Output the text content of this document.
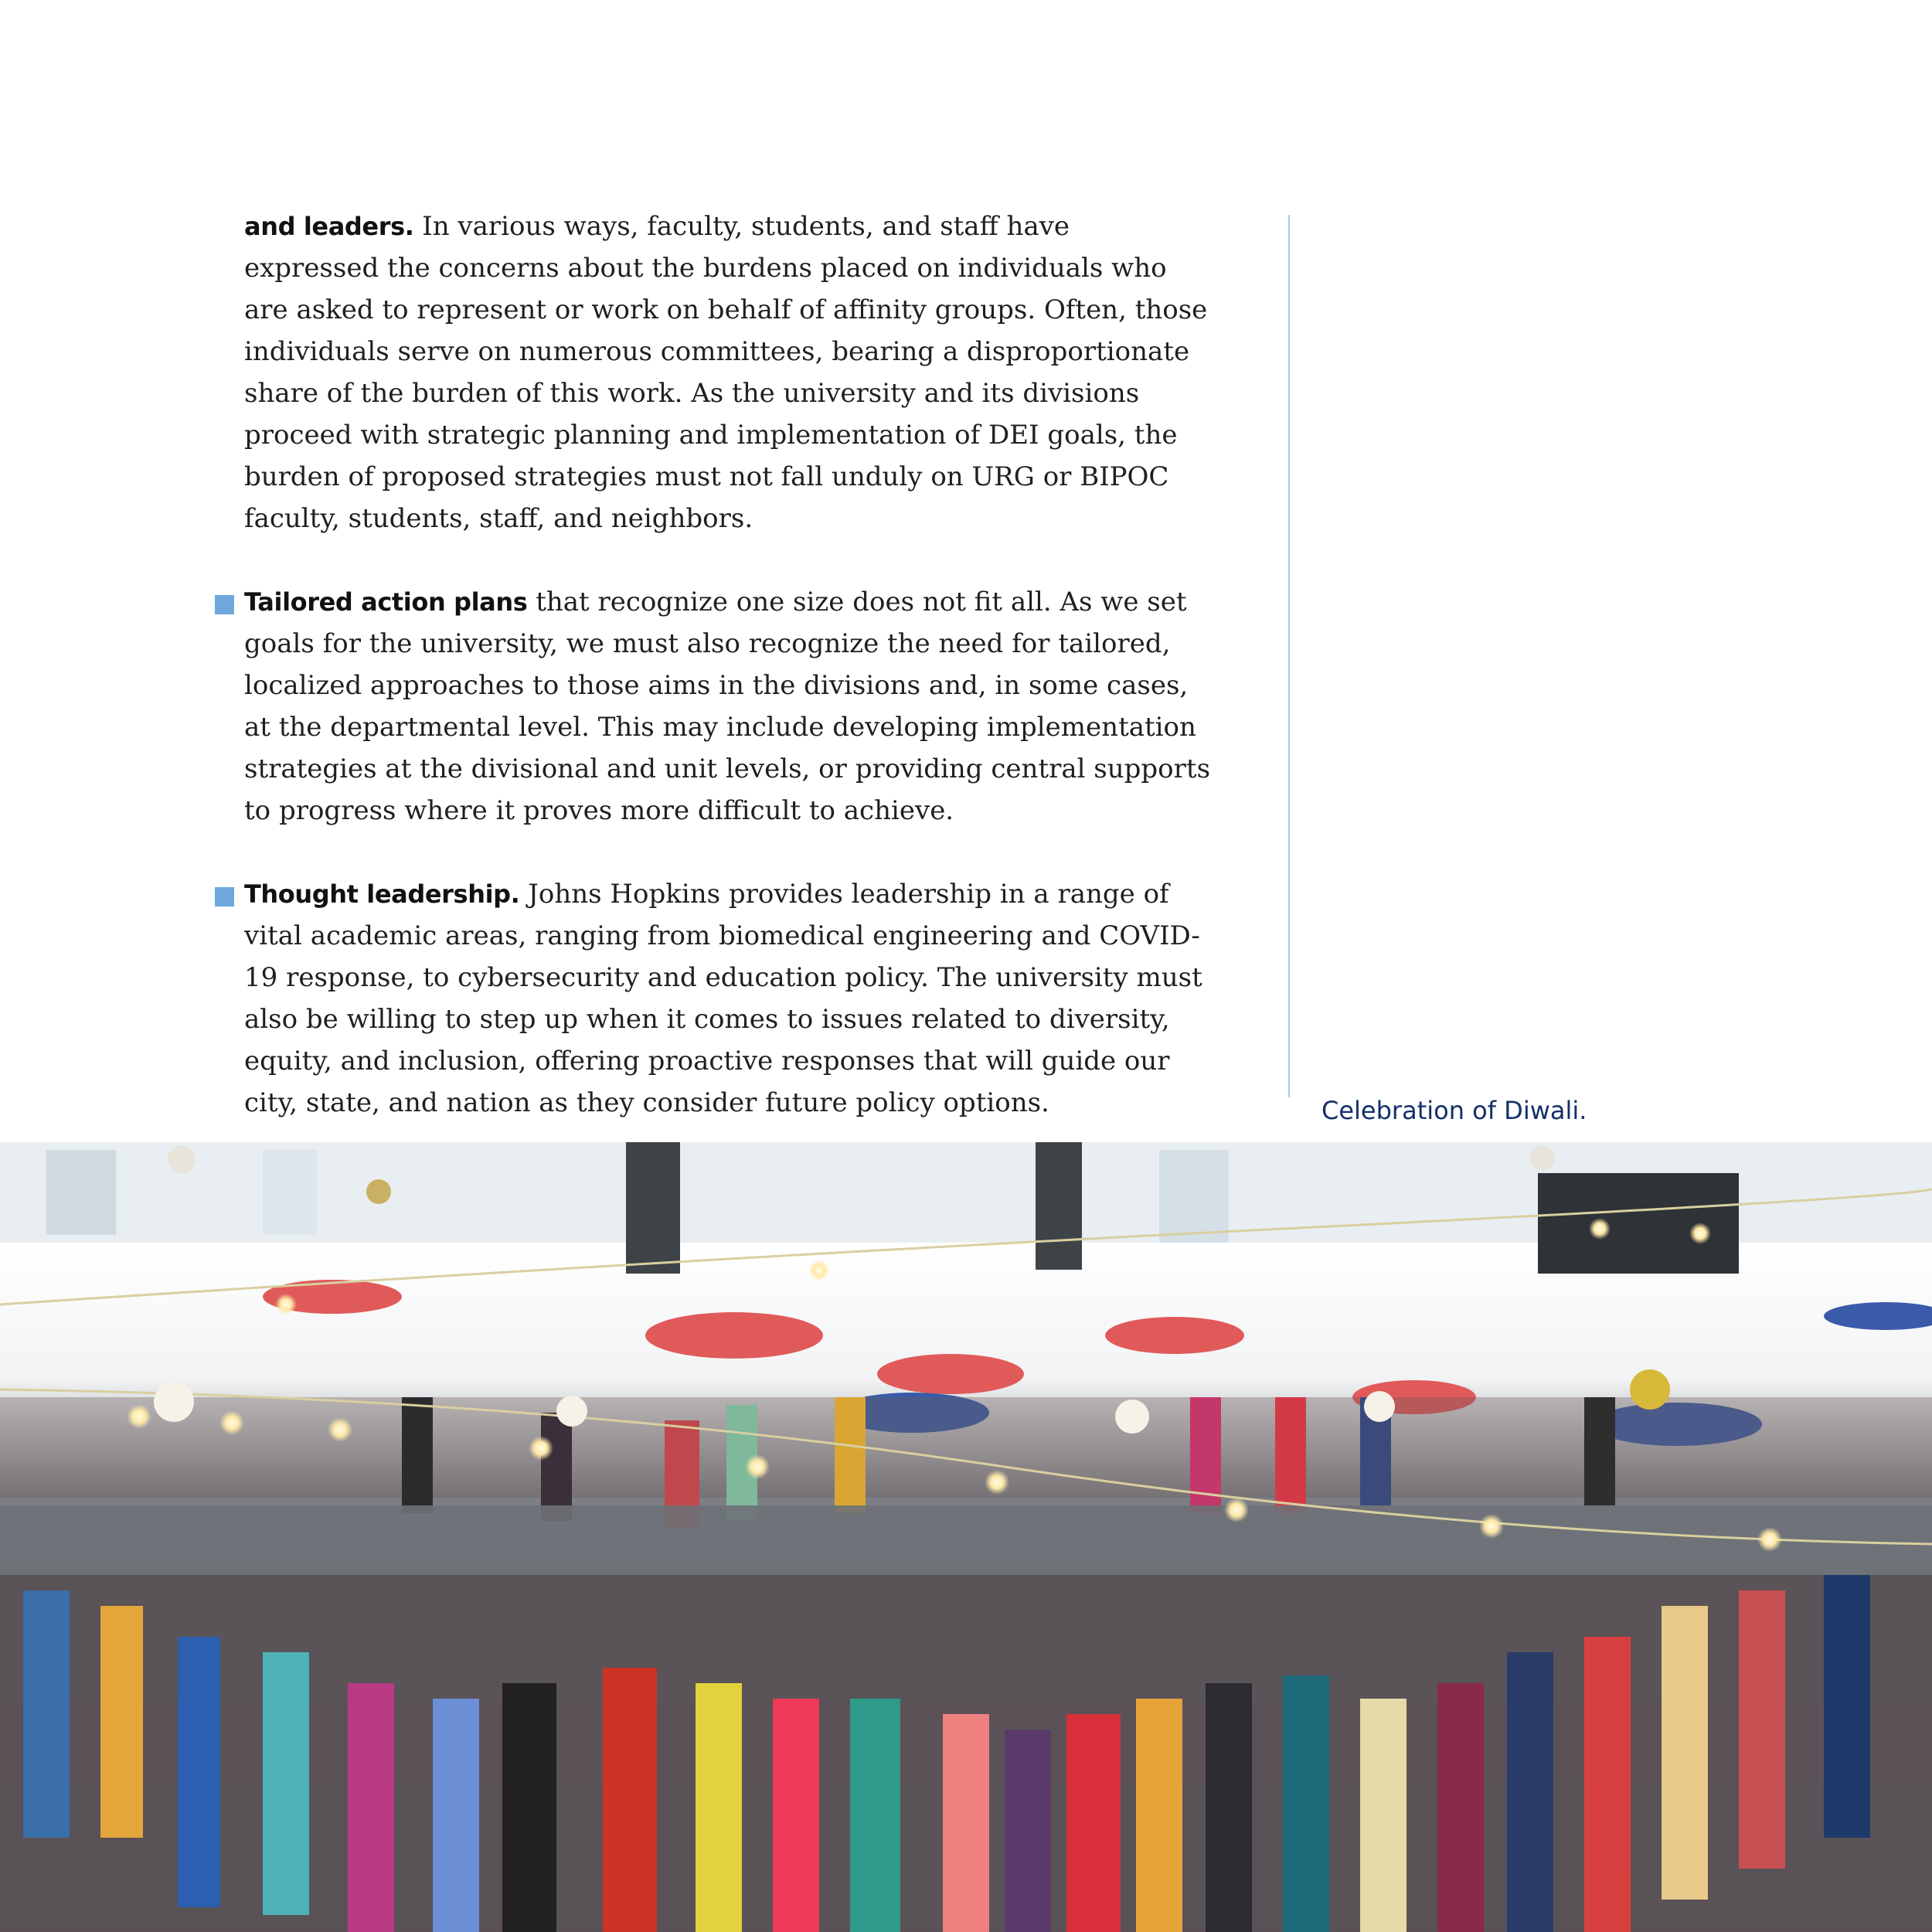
and leaders. In various ways, faculty, students, and staff have expressed the concerns about the burdens placed on individuals who are asked to represent or work on behalf of affinity groups. Often, those individuals serve on numerous committees, bearing a disproportionate share of the burden of this work. As the university and its divisions proceed with strategic planning and implementation of DEI goals, the burden of proposed strategies must not fall unduly on URG or BIPOC faculty, students, staff, and neighbors.

Tailored action plans that recognize one size does not fit all. As we set goals for the university, we must also recognize the need for tailored, localized approaches to those aims in the divisions and, in some cases, at the departmental level. This may include developing implementation strategies at the divisional and unit levels, or providing central supports to progress where it proves more difficult to achieve.

Thought leadership. Johns Hopkins provides leadership in a range of vital academic areas, ranging from biomedical engineering and COVID-19 response, to cybersecurity and education policy. The university must also be willing to step up when it comes to issues related to diversity, equity, and inclusion, offering proactive responses that will guide our city, state, and nation as they consider future policy options.	Celebration of Diwali.
